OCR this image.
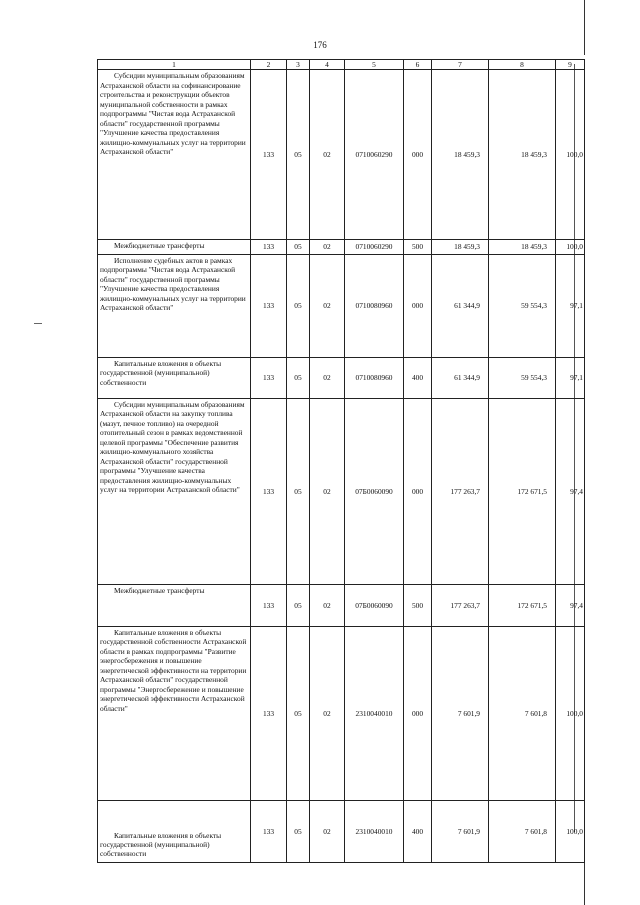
176
1	2	3	4	5	6	7	8	9

Субсидии муниципальным образованиям Астраханской области на софинансирование строительства и реконструкции объектов муниципальной собственности в рамках подпрограммы "Чистая вода Астраханской области" государственной программы "Улучшение качества предоставления жилищно-коммунальных услуг на территории Астраханской области"	133	05	02	0710060290	000	18 459,3	18 459,3	100,0

Межбюджетные трансферты	133	05	02	0710060290	500	18 459,3	18 459,3	100,0

Исполнение судебных актов в рамках подпрограммы "Чистая вода Астраханской области" государственной программы "Улучшение качества предоставления жилищно-коммунальных услуг на территории Астраханской области"	133	05	02	0710080960	000	61 344,9	59 554,3	97,1

Капитальные вложения в объекты государственной (муниципальной) собственности	133	05	02	0710080960	400	61 344,9	59 554,3	97,1

Субсидии муниципальным образованиям Астраханской области на закупку топлива (мазут, печное топливо) на очередной отопительный сезон в рамках ведомственной целевой программы "Обеспечение развития жилищно-коммунального хозяйства Астраханской области" государственной программы "Улучшение качества предоставления жилищно-коммунальных услуг на территории Астраханской области"	133	05	02	07Б0060090	000	177 263,7	172 671,5	97,4

Межбюджетные трансферты	133	05	02	07Б0060090	500	177 263,7	172 671,5	97,4

Капитальные вложения в объекты государственной собственности Астраханской области в рамках подпрограммы "Развитие энергосбережения и повышение энергетической эффективности на территории Астраханской области" государственной программы "Энергосбережение и повышение энергетической эффективности Астраханской области"	133	05	02	2310040010	000	7 601,9	7 601,8	100,0

Капитальные вложения в объекты государственной (муниципальной) собственности	133	05	02	2310040010	400	7 601,9	7 601,8	100,0
